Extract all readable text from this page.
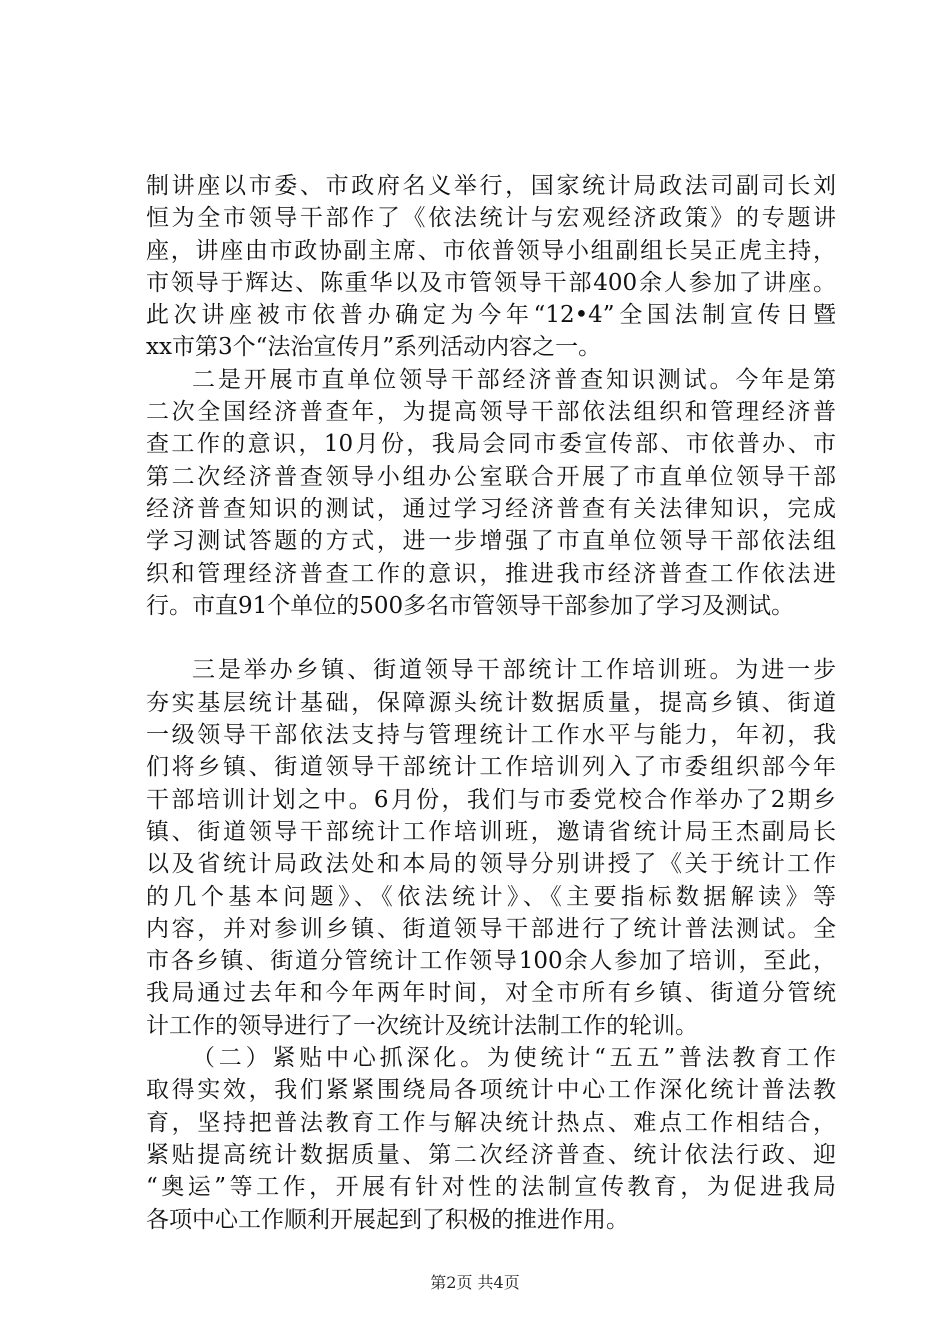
制讲座以市委、市政府名义举行，国家统计局政法司副司长刘
恒为全市领导干部作了《依法统计与宏观经济政策》的专题讲
座，讲座由市政协副主席、市依普领导小组副组长吴正虎主持，
市领导于辉达、陈重华以及市管领导干部400余人参加了讲座。
此次讲座被市依普办确定为今年“12•4”全国法制宣传日暨
xx市第3个“法治宣传月”系列活动内容之一。
二是开展市直单位领导干部经济普查知识测试。今年是第
二次全国经济普查年，为提高领导干部依法组织和管理经济普
查工作的意识，10月份，我局会同市委宣传部、市依普办、市
第二次经济普查领导小组办公室联合开展了市直单位领导干部
经济普查知识的测试，通过学习经济普查有关法律知识，完成
学习测试答题的方式，进一步增强了市直单位领导干部依法组
织和管理经济普查工作的意识，推进我市经济普查工作依法进
行。市直91个单位的500多名市管领导干部参加了学习及测试。
三是举办乡镇、街道领导干部统计工作培训班。为进一步
夯实基层统计基础，保障源头统计数据质量，提高乡镇、街道
一级领导干部依法支持与管理统计工作水平与能力，年初，我
们将乡镇、街道领导干部统计工作培训列入了市委组织部今年
干部培训计划之中。6月份，我们与市委党校合作举办了2期乡
镇、街道领导干部统计工作培训班，邀请省统计局王杰副局长
以及省统计局政法处和本局的领导分别讲授了《关于统计工作
的几个基本问题》、《依法统计》、《主要指标数据解读》等
内容，并对参训乡镇、街道领导干部进行了统计普法测试。全
市各乡镇、街道分管统计工作领导100余人参加了培训，至此，
我局通过去年和今年两年时间，对全市所有乡镇、街道分管统
计工作的领导进行了一次统计及统计法制工作的轮训。
（二）紧贴中心抓深化。为使统计“五五”普法教育工作
取得实效，我们紧紧围绕局各项统计中心工作深化统计普法教
育，坚持把普法教育工作与解决统计热点、难点工作相结合，
紧贴提高统计数据质量、第二次经济普查、统计依法行政、迎
“奥运”等工作，开展有针对性的法制宣传教育，为促进我局
各项中心工作顺利开展起到了积极的推进作用。
第2页 共4页
